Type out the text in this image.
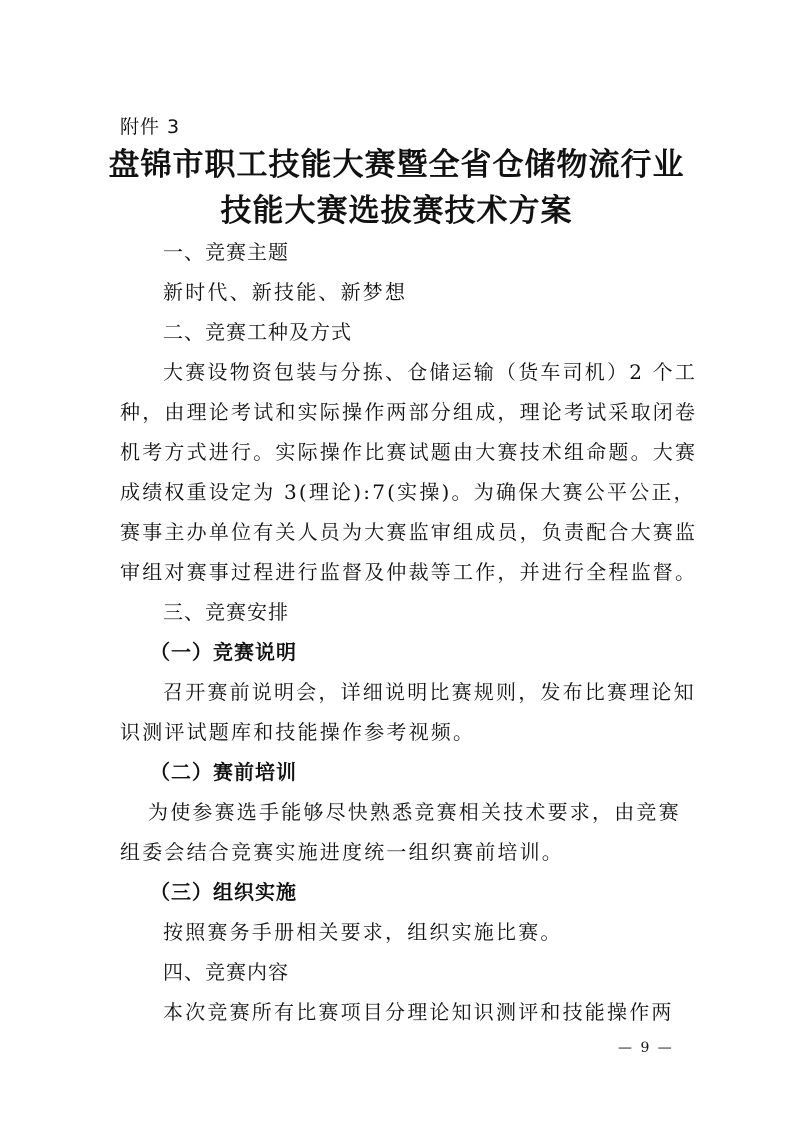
附件 3
盘锦市职工技能大赛暨全省仓储物流行业
技能大赛选拔赛技术方案
一、竞赛主题
新时代、新技能、新梦想
二、竞赛工种及方式
大赛设物资包装与分拣、仓储运输（货车司机）2 个工
种，由理论考试和实际操作两部分组成，理论考试采取闭卷
机考方式进行。实际操作比赛试题由大赛技术组命题。大赛
成绩权重设定为 3(理论):7(实操)。为确保大赛公平公正，
赛事主办单位有关人员为大赛监审组成员，负责配合大赛监
审组对赛事过程进行监督及仲裁等工作，并进行全程监督。
三、竞赛安排
（一）竞赛说明
召开赛前说明会，详细说明比赛规则，发布比赛理论知
识测评试题库和技能操作参考视频。
（二）赛前培训
为使参赛选手能够尽快熟悉竞赛相关技术要求，由竞赛
组委会结合竞赛实施进度统一组织赛前培训。
（三）组织实施
按照赛务手册相关要求，组织实施比赛。
四、竞赛内容
本次竞赛所有比赛项目分理论知识测评和技能操作两
— 9 —
